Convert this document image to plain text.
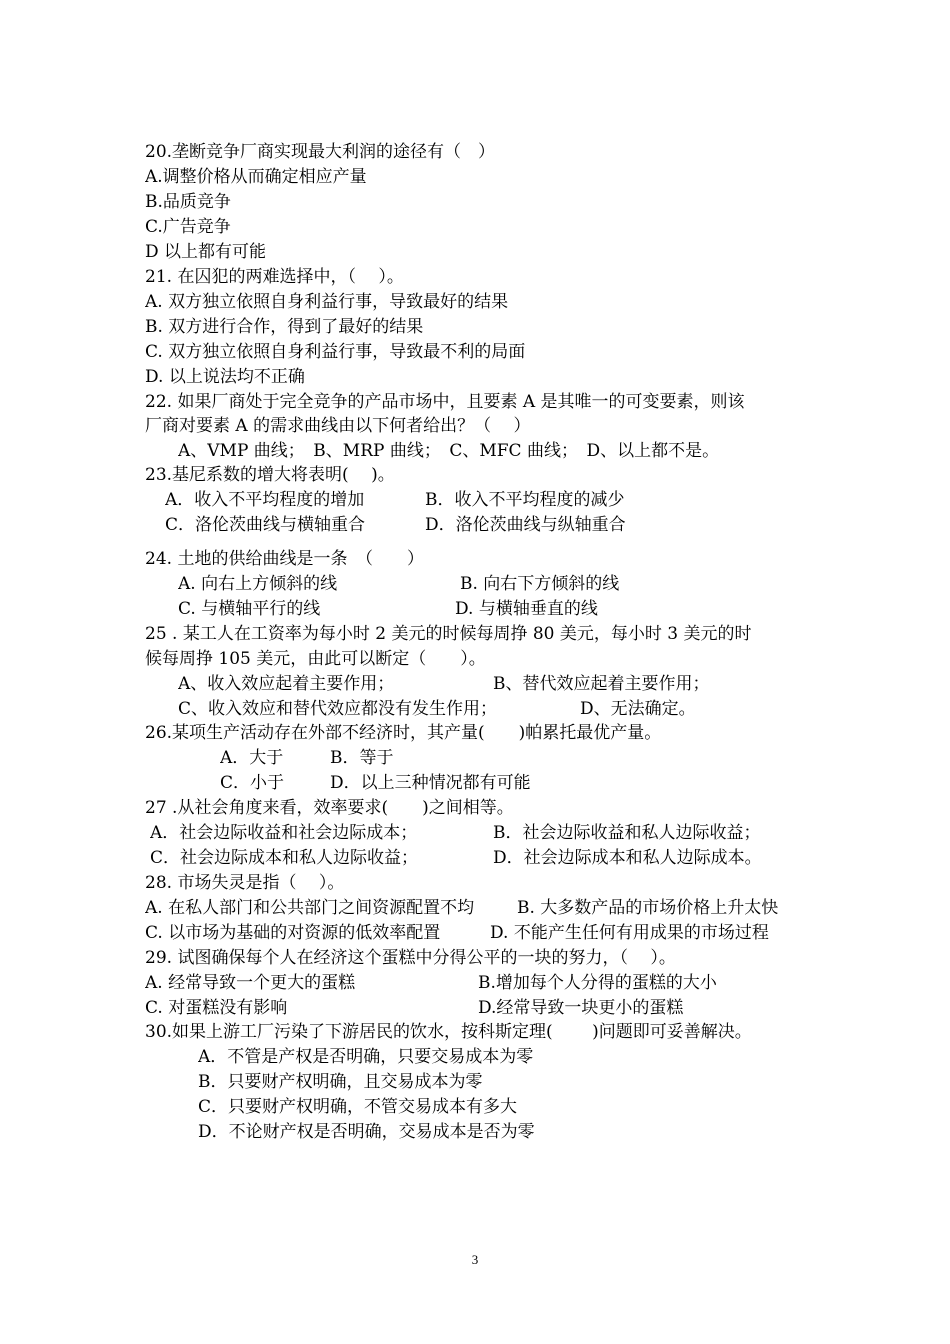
20.垄断竞争厂商实现最大利润的途径有（　）
A.调整价格从而确定相应产量
B.品质竞争
C.广告竞争
D 以上都有可能
21. 在囚犯的两难选择中，（　 ）。
A. 双方独立依照自身利益行事，导致最好的结果
B. 双方进行合作，得到了最好的结果
C. 双方独立依照自身利益行事，导致最不利的局面
D. 以上说法均不正确
22. 如果厂商处于完全竞争的产品市场中，且要素 A 是其唯一的可变要素，则该
厂商对要素 A 的需求曲线由以下何者给出？（　 ）
A、VMP 曲线；　B、MRP 曲线；　C、MFC 曲线；　D、以上都不是。
23.基尼系数的增大将表明(　 )。
A．收入不平均程度的增加	B．收入不平均程度的减少
C．洛伦茨曲线与横轴重合	D．洛伦茨曲线与纵轴重合
24. 土地的供给曲线是一条　（　　）
A. 向右上方倾斜的线	B. 向右下方倾斜的线
C. 与横轴平行的线	D. 与横轴垂直的线
25 . 某工人在工资率为每小时 2 美元的时候每周挣 80 美元，每小时 3 美元的时
候每周挣 105 美元，由此可以断定（　　）。
A、收入效应起着主要作用；	B、替代效应起着主要作用；
C、收入效应和替代效应都没有发生作用；	D、无法确定。
26.某项生产活动存在外部不经济时，其产量(　　)帕累托最优产量。
A．大于	B．等于
C．小于	D．以上三种情况都有可能
27 .从社会角度来看，效率要求(　　)之间相等。
A．社会边际收益和社会边际成本；	B．社会边际收益和私人边际收益；
C．社会边际成本和私人边际收益；	D．社会边际成本和私人边际成本。
28. 市场失灵是指（　 ）。
A. 在私人部门和公共部门之间资源配置不均	B. 大多数产品的市场价格上升太快
C. 以市场为基础的对资源的低效率配置	D. 不能产生任何有用成果的市场过程
29. 试图确保每个人在经济这个蛋糕中分得公平的一块的努力，（　 ）。
A. 经常导致一个更大的蛋糕	B.增加每个人分得的蛋糕的大小
C. 对蛋糕没有影响	D.经常导致一块更小的蛋糕
30.如果上游工厂污染了下游居民的饮水，按科斯定理(　　 )问题即可妥善解决。
A．不管是产权是否明确，只要交易成本为零
B．只要财产权明确，且交易成本为零
C．只要财产权明确，不管交易成本有多大
D．不论财产权是否明确，交易成本是否为零
3
